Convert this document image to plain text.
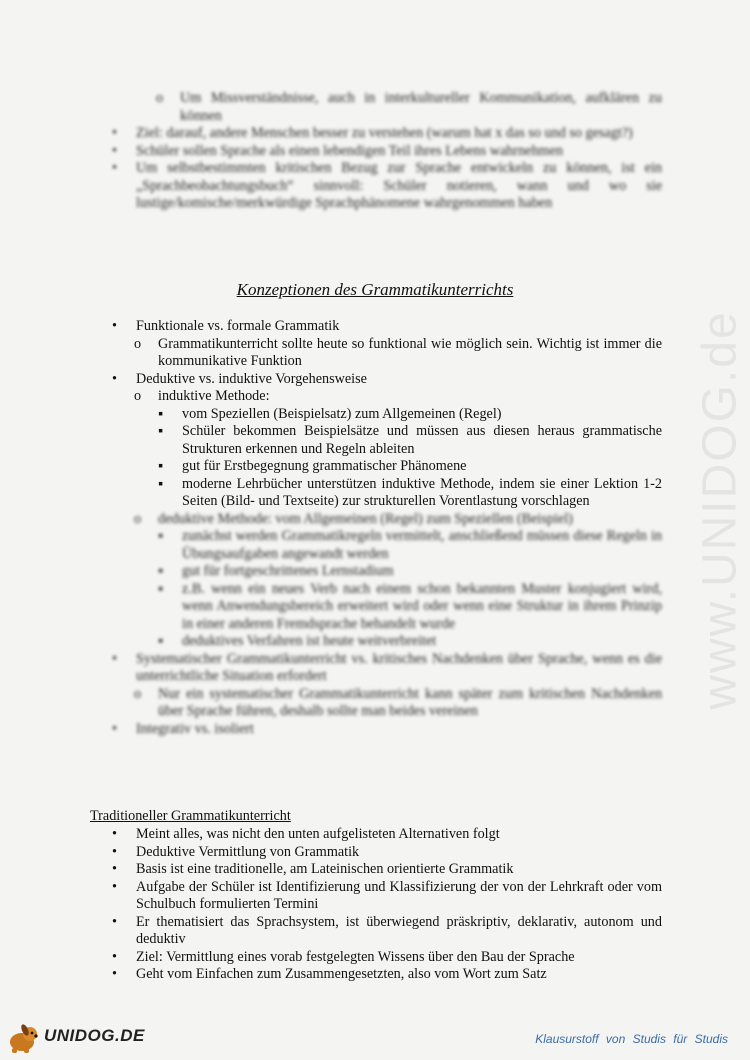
www.UNIDOG.de
o Um Missverständnisse, auch in interkultureller Kommunikation, aufklären zu können
• Ziel: darauf, andere Menschen besser zu verstehen (warum hat x das so und so gesagt?)
• Schüler sollen Sprache als einen lebendigen Teil ihres Lebens wahrnehmen
• Um selbstbestimmten kritischen Bezug zur Sprache entwickeln zu können, ist ein „Sprachbeobachtungsbuch“ sinnvoll: Schüler notieren, wann und wo sie lustige/komische/merkwürdige Sprachphänomene wahrgenommen haben
Konzeptionen des Grammatikunterrichts
• Funktionale vs. formale Grammatik
o Grammatikunterricht sollte heute so funktional wie möglich sein. Wichtig ist immer die kommunikative Funktion
• Deduktive vs. induktive Vorgehensweise
o induktive Methode:
▪ vom Speziellen (Beispielsatz) zum Allgemeinen (Regel)
▪ Schüler bekommen Beispielsätze und müssen aus diesen heraus grammatische Strukturen erkennen und Regeln ableiten
▪ gut für Erstbegegnung grammatischer Phänomene
▪ moderne Lehrbücher unterstützen induktive Methode, indem sie einer Lektion 1-2 Seiten (Bild- und Textseite) zur strukturellen Vorentlastung vorschlagen
o deduktive Methode: vom Allgemeinen (Regel) zum Speziellen (Beispiel)
▪ zunächst werden Grammatikregeln vermittelt, anschließend müssen diese Regeln in Übungsaufgaben angewandt werden
▪ gut für fortgeschrittenes Lernstadium
▪ z.B. wenn ein neues Verb nach einem schon bekannten Muster konjugiert wird, wenn Anwendungsbereich erweitert wird oder wenn eine Struktur in ihrem Prinzip in einer anderen Fremdsprache behandelt wurde
▪ deduktives Verfahren ist heute weitverbreitet
• Systematischer Grammatikunterricht vs. kritisches Nachdenken über Sprache, wenn es die unterrichtliche Situation erfordert
o Nur ein systematischer Grammatikunterricht kann später zum kritischen Nachdenken über Sprache führen, deshalb sollte man beides vereinen
• Integrativ vs. isoliert
Traditioneller Grammatikunterricht
• Meint alles, was nicht den unten aufgelisteten Alternativen folgt
• Deduktive Vermittlung von Grammatik
• Basis ist eine traditionelle, am Lateinischen orientierte Grammatik
• Aufgabe der Schüler ist Identifizierung und Klassifizierung der von der Lehrkraft oder vom Schulbuch formulierten Termini
• Er thematisiert das Sprachsystem, ist überwiegend präskriptiv, deklarativ, autonom und deduktiv
• Ziel: Vermittlung eines vorab festgelegten Wissens über den Bau der Sprache
• Geht vom Einfachen zum Zusammengesetzten, also vom Wort zum Satz
UNIDOG.DE	Klausurstoff von Studis für Studis
